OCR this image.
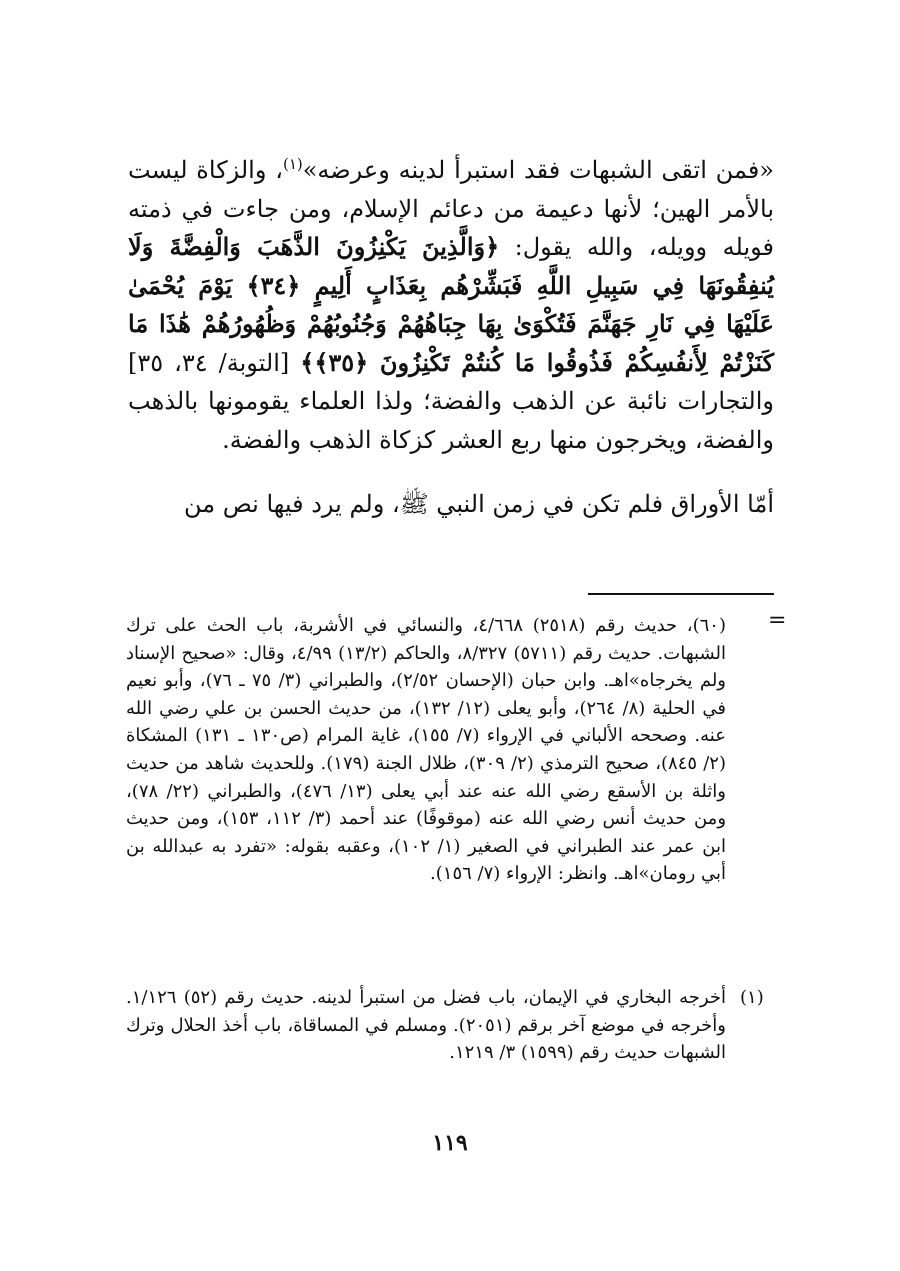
«فمن اتقى الشبهات فقد استبرأ لدينه وعرضه»$^{(١)}$، والزكاة ليست بالأمر الهين؛ لأنها دعيمة من دعائم الإسلام، ومن جاءت في ذمته فويله وويله، والله يقول: ﴿وَالَّذِينَ يَكْنِزُونَ الذَّهَبَ وَالْفِضَّةَ وَلَا يُنفِقُونَهَا فِي سَبِيلِ اللَّهِ فَبَشِّرْهُم بِعَذَابٍ أَلِيمٍ ﴿٣٤﴾ يَوْمَ يُحْمَىٰ عَلَيْهَا فِي نَارِ جَهَنَّمَ فَتُكْوَىٰ بِهَا جِبَاهُهُمْ وَجُنُوبُهُمْ وَظُهُورُهُمْ هَٰذَا مَا كَنَزْتُمْ لِأَنفُسِكُمْ فَذُوقُوا مَا كُنتُمْ تَكْنِزُونَ ﴿٣٥﴾﴾ [التوبة/ ٣٤، ٣٥] والتجارات نائبة عن الذهب والفضة؛ ولذا العلماء يقومونها بالذهب والفضة، ويخرجون منها ربع العشر كزكاة الذهب والفضة.

أمّا الأوراق فلم تكن في زمن النبي ﷺ، ولم يرد فيها نص من

=

(٦٠)، حديث رقم (٢٥١٨) ٤/٦٦٨، والنسائي في الأشربة، باب الحث على ترك الشبهات. حديث رقم (٥٧١١) ٨/٣٢٧، والحاكم (١٣/٢) ٤/٩٩، وقال: «صحيح الإسناد ولم يخرجاه»اهـ. وابن حبان (الإحسان ٢/٥٢)، والطبراني (٣/ ٧٥ ـ ٧٦)، وأبو نعيم في الحلية (٨/ ٢٦٤)، وأبو يعلى (١٢/ ١٣٢)، من حديث الحسن بن علي رضي الله عنه. وصححه الألباني في الإرواء (٧/ ١٥٥)، غاية المرام (ص١٣٠ ـ ١٣١) المشكاة (٢/ ٨٤٥)، صحيح الترمذي (٢/ ٣٠٩)، ظلال الجنة (١٧٩). وللحديث شاهد من حديث واثلة بن الأسقع رضي الله عنه عند أبي يعلى (١٣/ ٤٧٦)، والطبراني (٢٢/ ٧٨)، ومن حديث أنس رضي الله عنه (موقوفًا) عند أحمد (٣/ ١١٢، ١٥٣)، ومن حديث ابن عمر عند الطبراني في الصغير (١/ ١٠٢)، وعقبه بقوله: «تفرد به عبدالله بن أبي رومان»اهـ. وانظر: الإرواء (٧/ ١٥٦).

(١)
أخرجه البخاري في الإيمان، باب فضل من استبرأ لدينه. حديث رقم (٥٢) ١/١٢٦. وأخرجه في موضع آخر برقم (٢٠٥١). ومسلم في المساقاة، باب أخذ الحلال وترك الشبهات حديث رقم (١٥٩٩) ٣/ ١٢١٩.
١١٩
